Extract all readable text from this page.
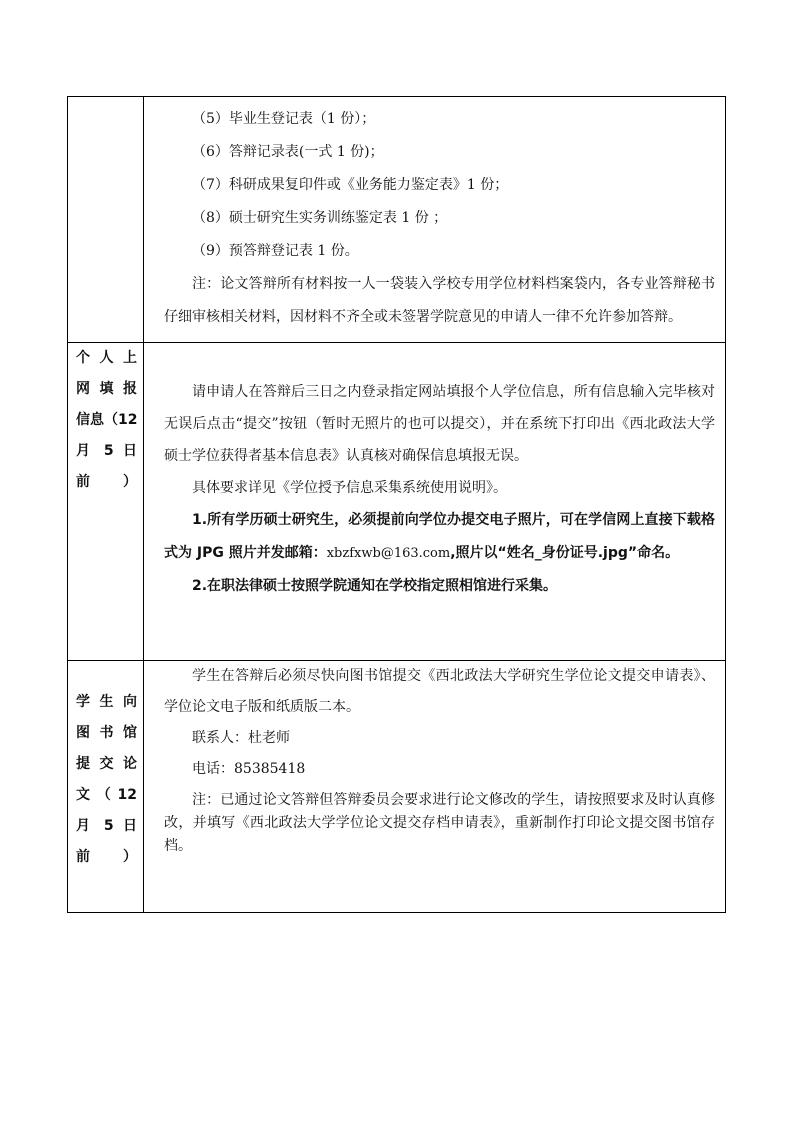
（5）毕业生登记表（1 份）；

（6）答辩记录表(一式 1 份)；

（7）科研成果复印件或《业务能力鉴定表》1 份；

（8）硕士研究生实务训练鉴定表 1 份 ；

（9）预答辩登记表 1 份。

注：论文答辩所有材料按一人一袋装入学校专用学位材料档案袋内，各专业答辩秘书仔细审核相关材料，因材料不齐全或未签署学院意见的申请人一律不允许参加答辩。

个 人 上
网 填 报
信息（12
月 5 日
前）

请申请人在答辩后三日之内登录指定网站填报个人学位信息，所有信息输入完毕核对无误后点击“提交”按钮（暂时无照片的也可以提交），并在系统下打印出《西北政法大学硕士学位获得者基本信息表》认真核对确保信息填报无误。

具体要求详见《学位授予信息采集系统使用说明》。

1.所有学历硕士研究生，必须提前向学位办提交电子照片，可在学信网上直接下载格式为 JPG 照片并发邮箱：xbzfxwb@163.com,照片以“姓名_身份证号.jpg”命名。

2.在职法律硕士按照学院通知在学校指定照相馆进行采集。

学 生 向
图 书 馆
提 交 论
文 （ 12
月 5 日
前）

学生在答辩后必须尽快向图书馆提交《西北政法大学研究生学位论文提交申请表》、学位论文电子版和纸质版二本。

联系人：杜老师

电话：85385418

注：已通过论文答辩但答辩委员会要求进行论文修改的学生，请按照要求及时认真修改，并填写《西北政法大学学位论文提交存档申请表》，重新制作打印论文提交图书馆存档。
